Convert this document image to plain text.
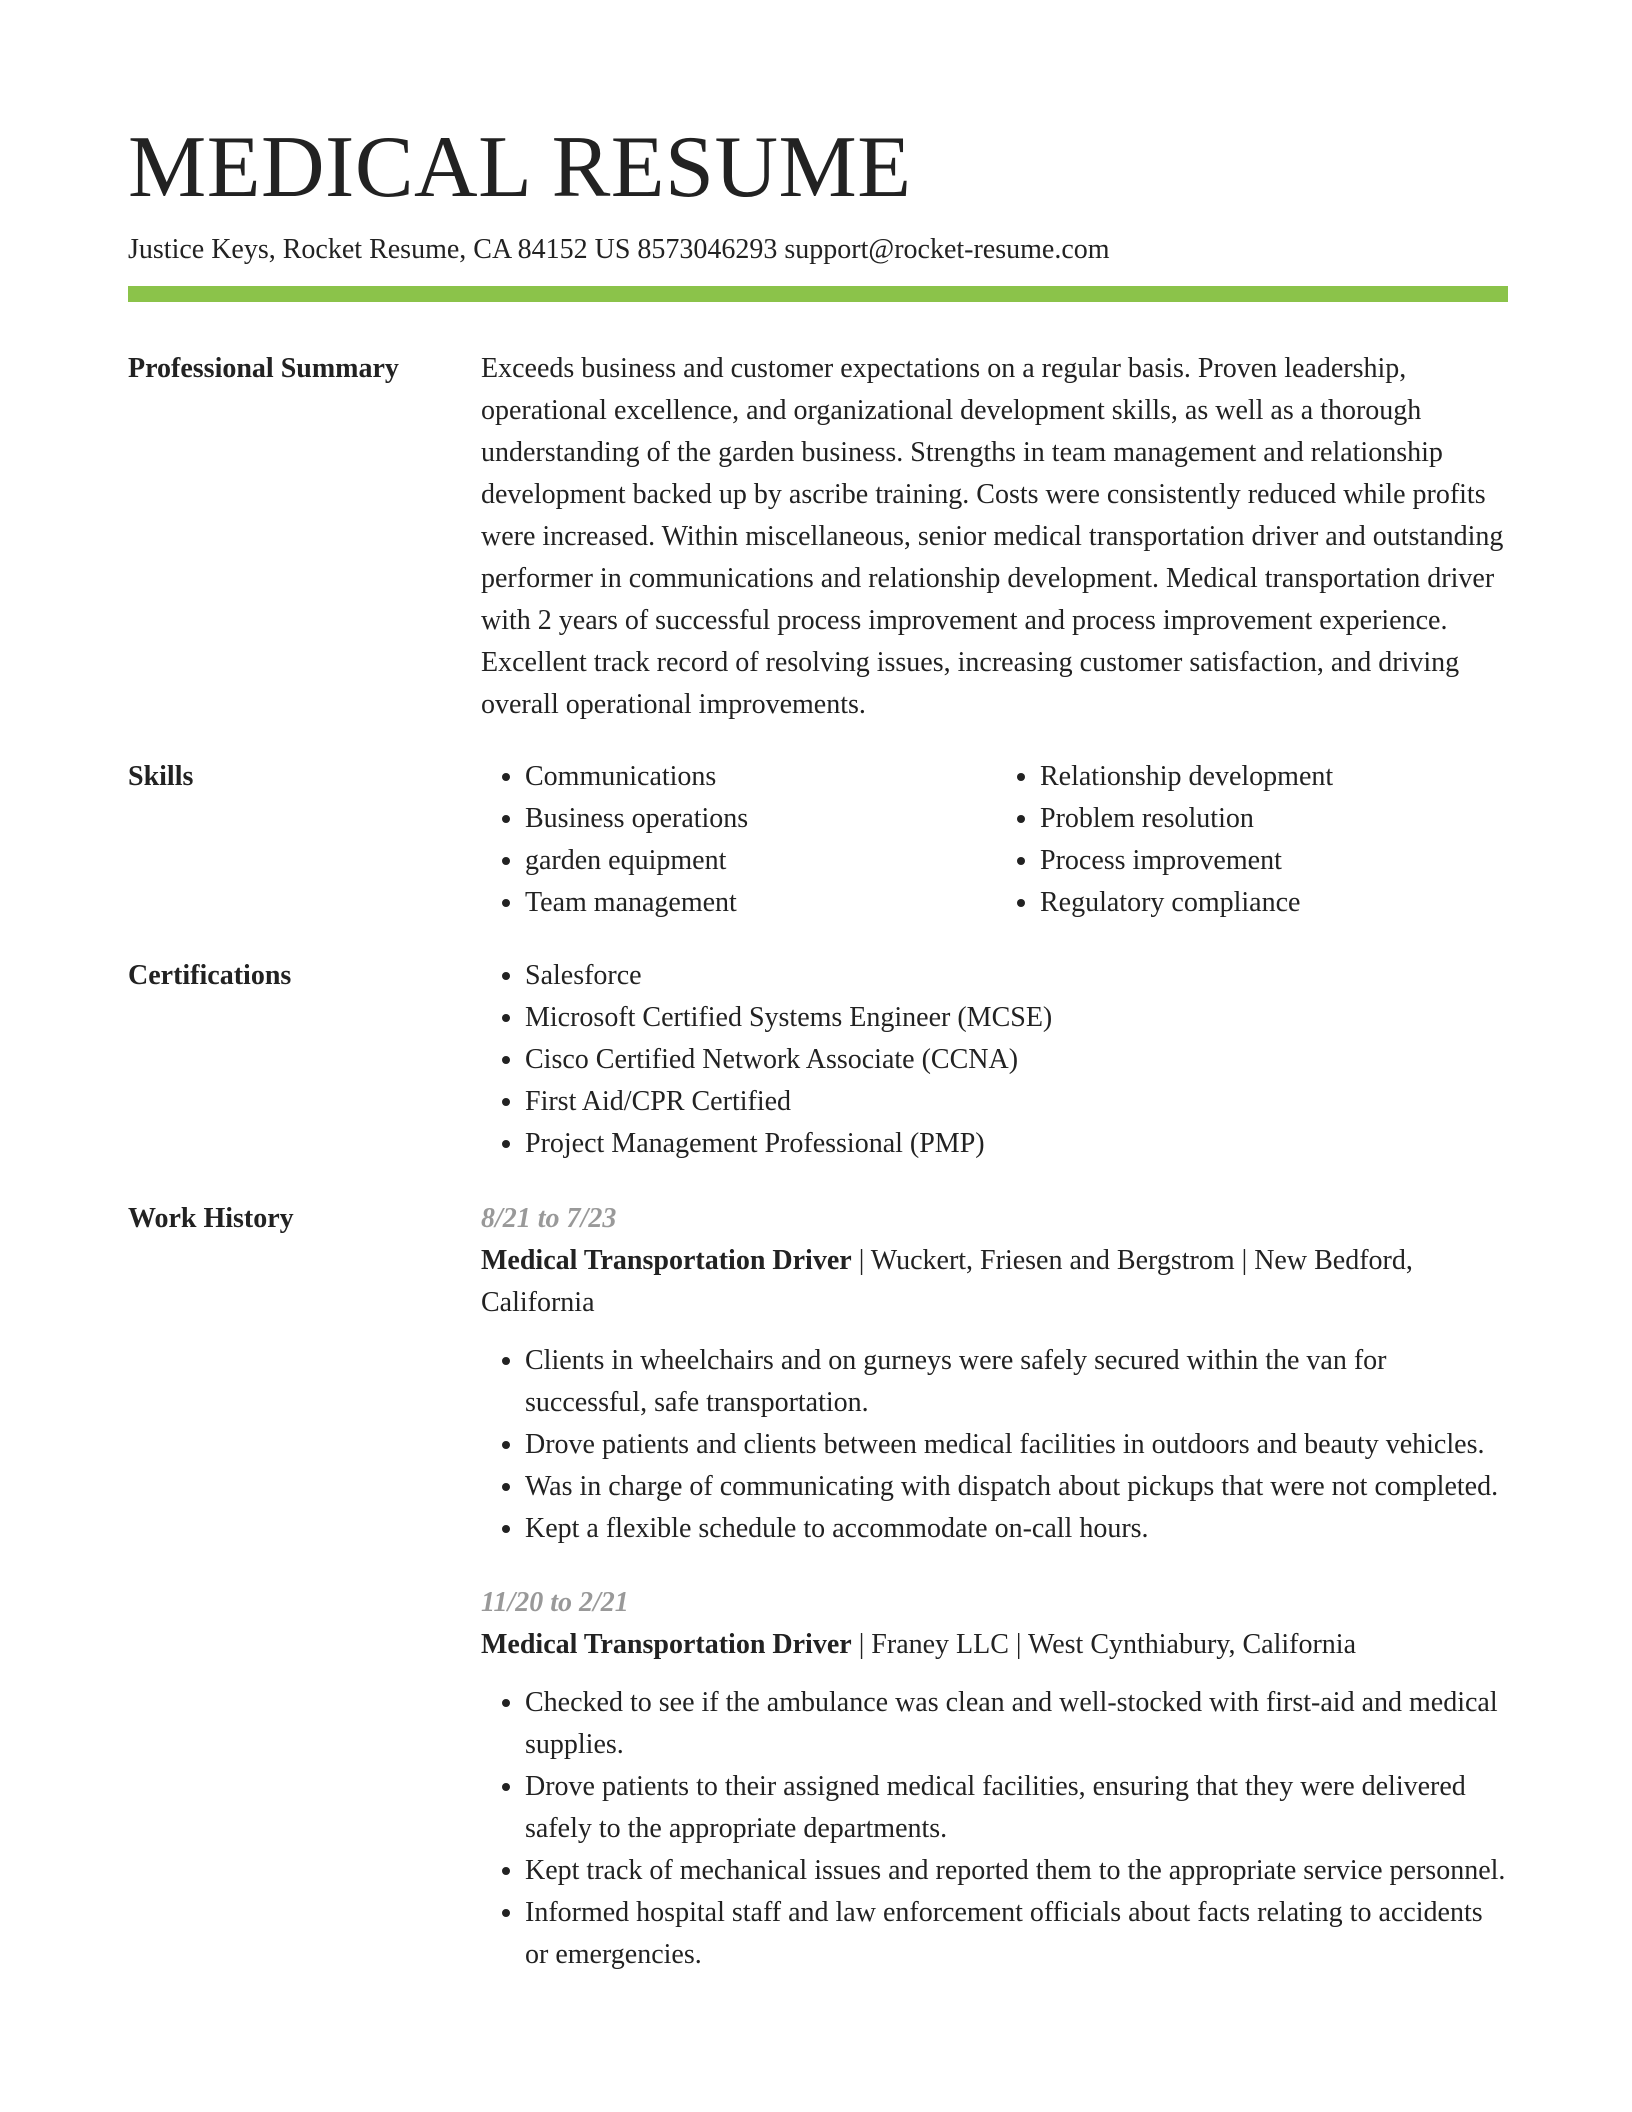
MEDICAL RESUME
Justice Keys, Rocket Resume, CA 84152 US 8573046293 support@rocket-resume.com
Professional Summary	Exceeds business and customer expectations on a regular basis. Proven leadership, operational excellence, and organizational development skills, as well as a thorough understanding of the garden business. Strengths in team management and relationship development backed up by ascribe training. Costs were consistently reduced while profits were increased. Within miscellaneous, senior medical transportation driver and outstanding performer in communications and relationship development. Medical transportation driver with 2 years of successful process improvement and process improvement experience. Excellent track record of resolving issues, increasing customer satisfaction, and driving overall operational improvements.

Skills	• Communications
• Business operations
• garden equipment
• Team management
• Relationship development
• Problem resolution
• Process improvement
• Regulatory compliance
Certifications	• Salesforce
• Microsoft Certified Systems Engineer (MCSE)
• Cisco Certified Network Associate (CCNA)
• First Aid/CPR Certified
• Project Management Professional (PMP)
Work History	8/21 to 7/23
Medical Transportation Driver | Wuckert, Friesen and Bergstrom | New Bedford, California
• Clients in wheelchairs and on gurneys were safely secured within the van for successful, safe transportation.
• Drove patients and clients between medical facilities in outdoors and beauty vehicles.
• Was in charge of communicating with dispatch about pickups that were not completed.
• Kept a flexible schedule to accommodate on-call hours.
11/20 to 2/21
Medical Transportation Driver | Franey LLC | West Cynthiabury, California
• Checked to see if the ambulance was clean and well-stocked with first-aid and medical supplies.
• Drove patients to their assigned medical facilities, ensuring that they were delivered safely to the appropriate departments.
• Kept track of mechanical issues and reported them to the appropriate service personnel.
• Informed hospital staff and law enforcement officials about facts relating to accidents or emergencies.
